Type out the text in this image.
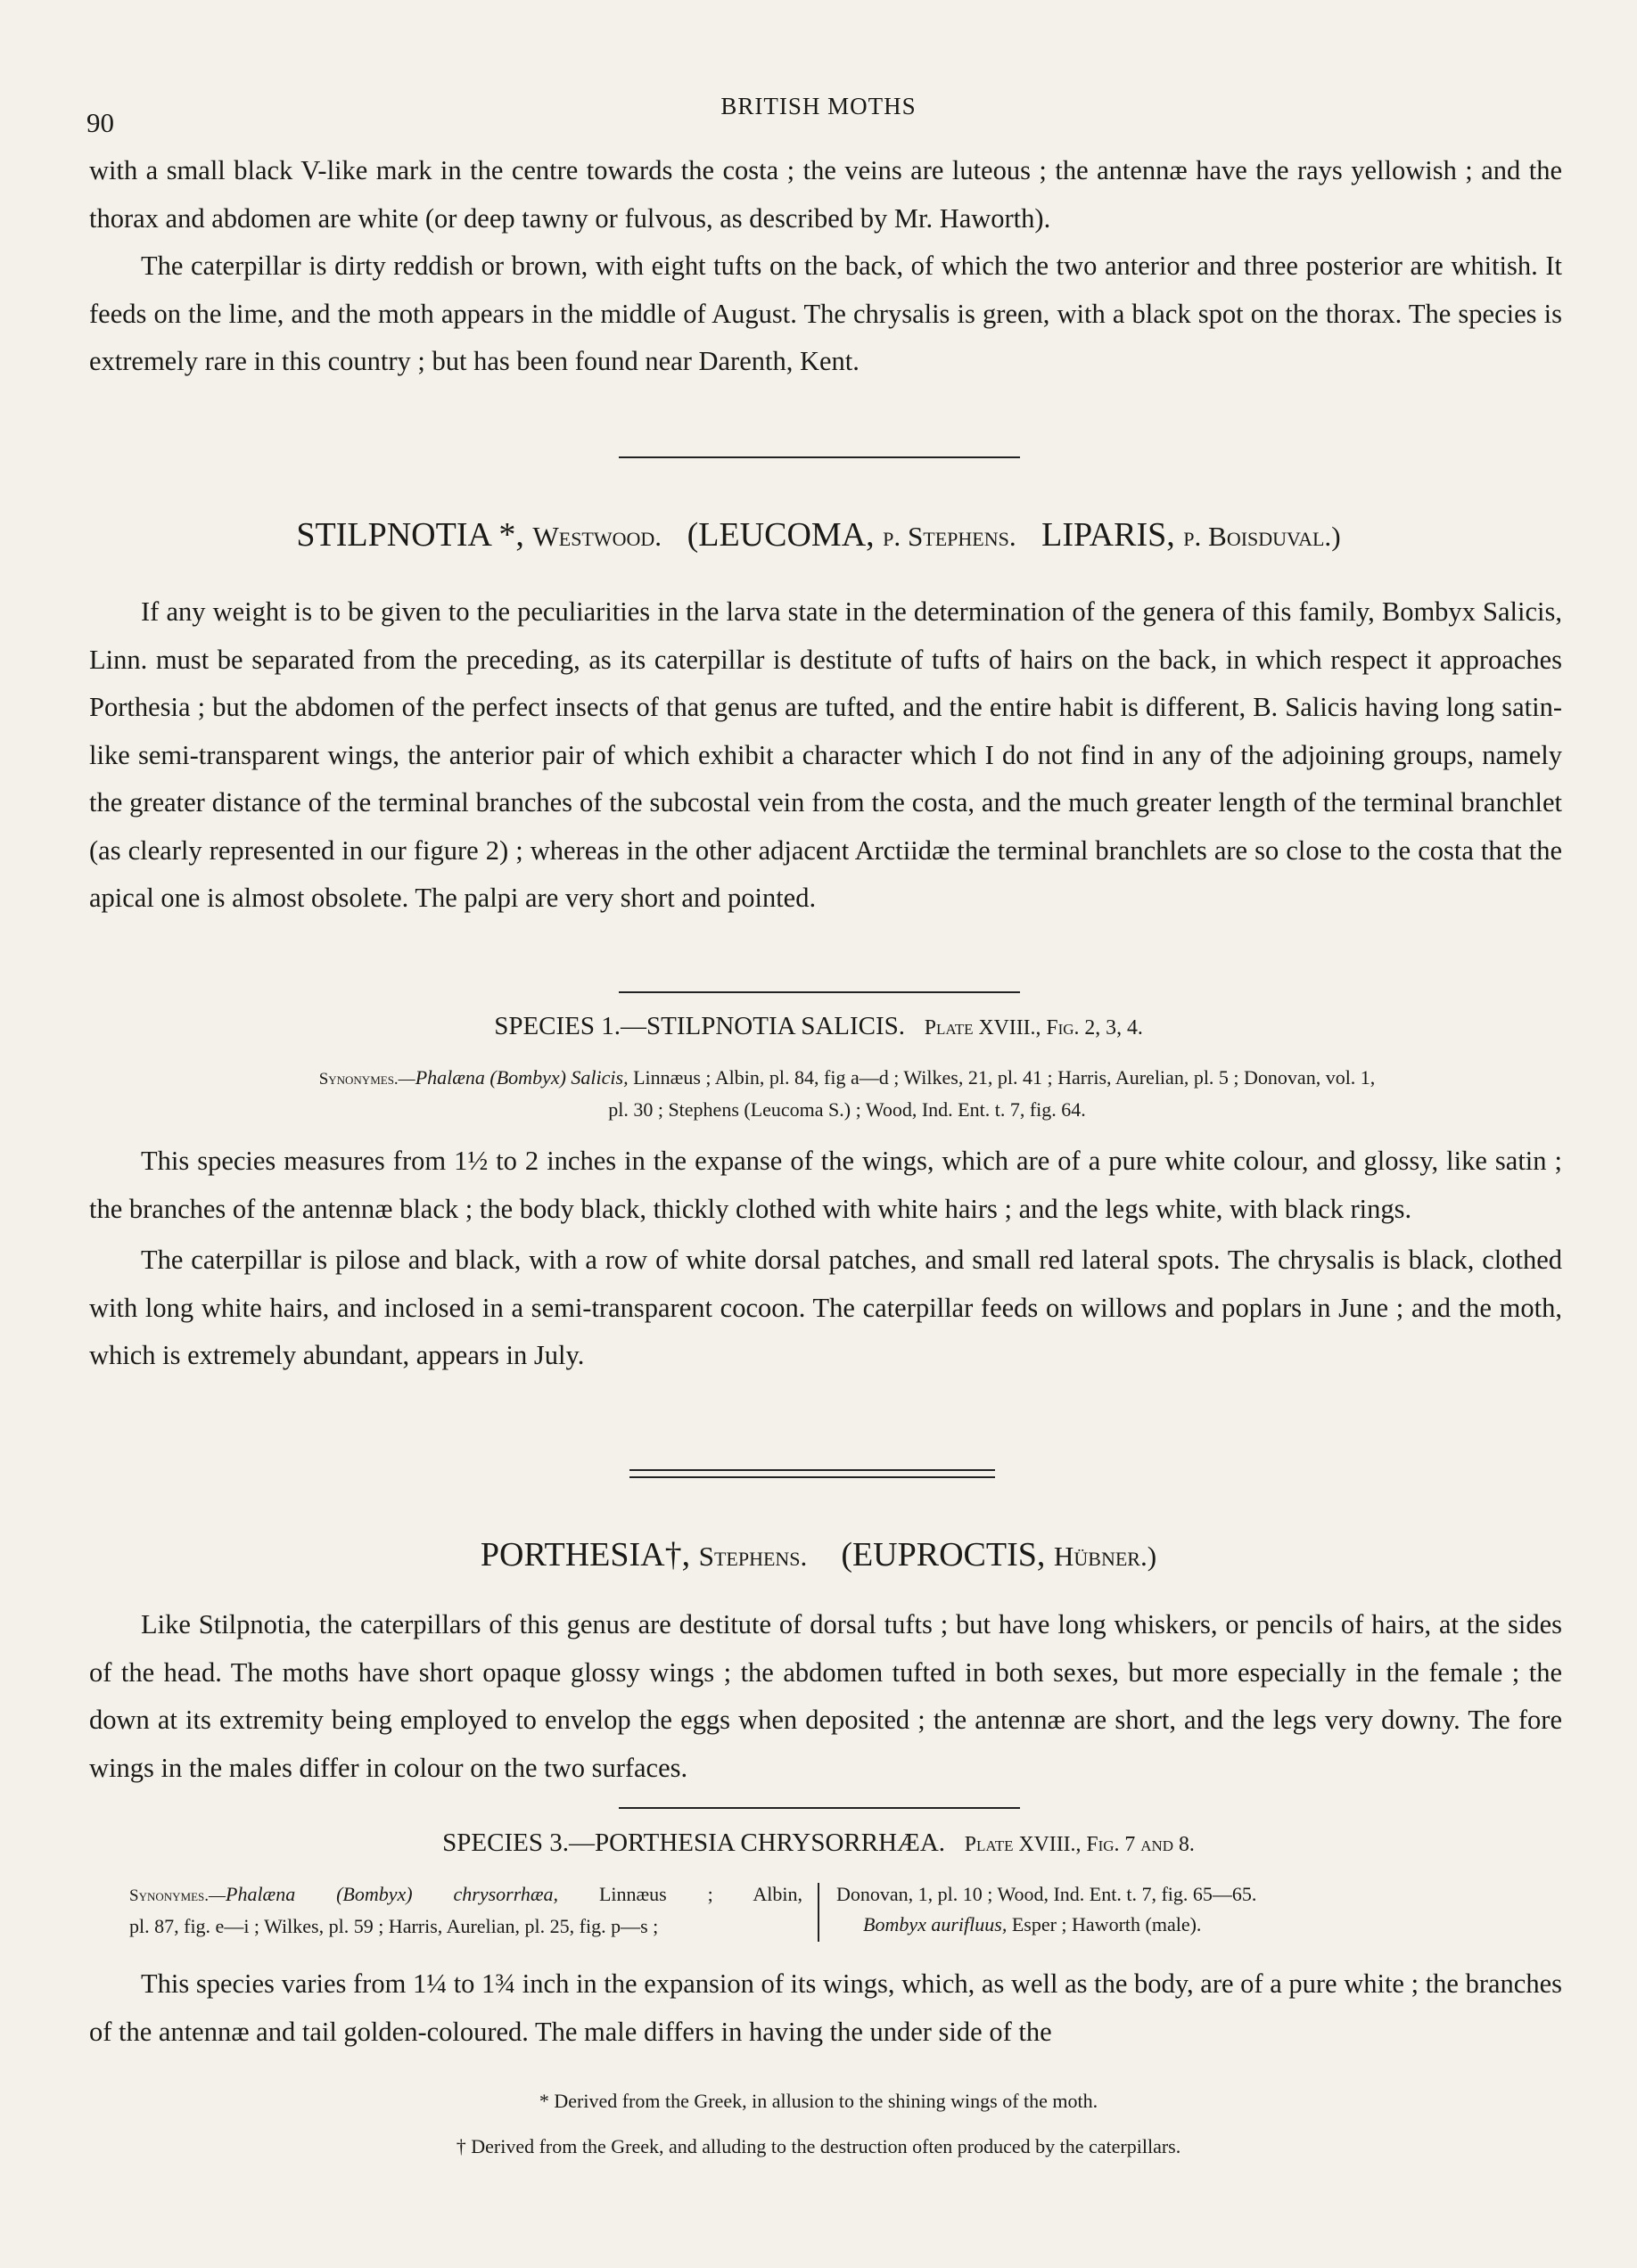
90
BRITISH MOTHS

with a small black V-like mark in the centre towards the costa ; the veins are luteous ; the antennæ have the rays yellowish ; and the thorax and abdomen are white (or deep tawny or fulvous, as described by Mr. Haworth).

The caterpillar is dirty reddish or brown, with eight tufts on the back, of which the two anterior and three posterior are whitish. It feeds on the lime, and the moth appears in the middle of August. The chrysalis is green, with a black spot on the thorax. The species is extremely rare in this country ; but has been found near Darenth, Kent.

STILPNOTIA *, Westwood. (LEUCOMA, p. Stephens. LIPARIS, p. Boisduval.)

If any weight is to be given to the peculiarities in the larva state in the determination of the genera of this family, Bombyx Salicis, Linn. must be separated from the preceding, as its caterpillar is destitute of tufts of hairs on the back, in which respect it approaches Porthesia ; but the abdomen of the perfect insects of that genus are tufted, and the entire habit is different, B. Salicis having long satin-like semi-transparent wings, the anterior pair of which exhibit a character which I do not find in any of the adjoining groups, namely the greater distance of the terminal branches of the subcostal vein from the costa, and the much greater length of the terminal branchlet (as clearly represented in our figure 2) ; whereas in the other adjacent Arctiidæ the terminal branchlets are so close to the costa that the apical one is almost obsolete. The palpi are very short and pointed.

SPECIES 1.—STILPNOTIA SALICIS. Plate XVIII., Fig. 2, 3, 4.
Synonymes.—Phalæna (Bombyx) Salicis, Linnæus ; Albin, pl. 84, fig a—d ; Wilkes, 21, pl. 41 ; Harris, Aurelian, pl. 5 ; Donovan, vol. 1,
pl. 30 ; Stephens (Leucoma S.) ; Wood, Ind. Ent. t. 7, fig. 64.

This species measures from 1½ to 2 inches in the expanse of the wings, which are of a pure white colour, and glossy, like satin ; the branches of the antennæ black ; the body black, thickly clothed with white hairs ; and the legs white, with black rings.

The caterpillar is pilose and black, with a row of white dorsal patches, and small red lateral spots. The chrysalis is black, clothed with long white hairs, and inclosed in a semi-transparent cocoon. The caterpillar feeds on willows and poplars in June ; and the moth, which is extremely abundant, appears in July.

PORTHESIA†, Stephens. (EUPROCTIS, Hübner.)

Like Stilpnotia, the caterpillars of this genus are destitute of dorsal tufts ; but have long whiskers, or pencils of hairs, at the sides of the head. The moths have short opaque glossy wings ; the abdomen tufted in both sexes, but more especially in the female ; the down at its extremity being employed to envelop the eggs when deposited ; the antennæ are short, and the legs very downy. The fore wings in the males differ in colour on the two surfaces.

SPECIES 3.—PORTHESIA CHRYSORRHÆA. Plate XVIII., Fig. 7 and 8.
Synonymes.—Phalæna (Bombyx) chrysorrhæa, Linnæus ; Albin,
pl. 87, fig. e—i ; Wilkes, pl. 59 ; Harris, Aurelian, pl. 25, fig. p—s ;
Donovan, 1, pl. 10 ; Wood, Ind. Ent. t. 7, fig. 65—65.
Bombyx aurifluus, Esper ; Haworth (male).

This species varies from 1¼ to 1¾ inch in the expansion of its wings, which, as well as the body, are of a pure white ; the branches of the antennæ and tail golden-coloured. The male differs in having the under side of the

* Derived from the Greek, in allusion to the shining wings of the moth.
† Derived from the Greek, and alluding to the destruction often produced by the caterpillars.
